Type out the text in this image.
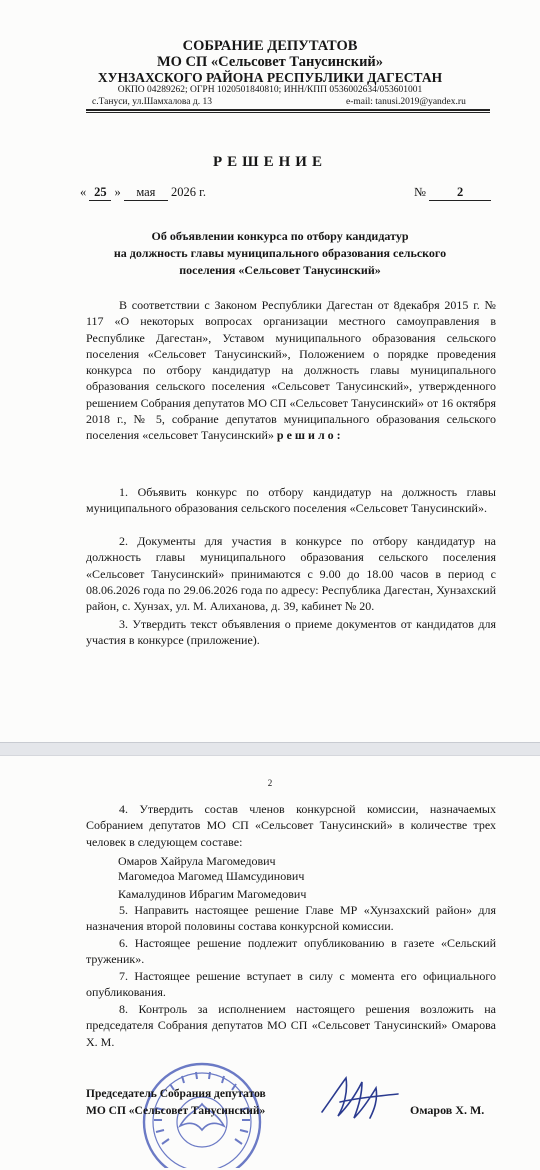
СОБРАНИЕ ДЕПУТАТОВ
МО СП «Сельсовет Танусинский»
ХУНЗАХСКОГО РАЙОНА РЕСПУБЛИКИ ДАГЕСТАН
ОКПО 04289262; ОГРН 1020501840810; ИНН/КПП 0536002634/053601001
с.Тануси, ул.Шамхалова д. 13	e-mail: tanusi.2019@yandex.ru
РЕШЕНИЕ
« 25 » мая 2026 г.	№ 2
Об объявлении конкурса по отбору кандидатур
на должность главы муниципального образования сельского
поселения «Сельсовет Танусинский»

В соответствии с Законом Республики Дагестан от 8декабря 2015 г. № 117 «О некоторых вопросах организации местного самоуправления в Республике Дагестан», Уставом муниципального образования сельского поселения «Сельсовет Танусинский», Положением о порядке проведения конкурса по отбору кандидатур на должность главы муниципального образования сельского поселения «Сельсовет Танусинский», утвержденного решением Собрания депутатов МО СП «Сельсовет Танусинский» от 16 октября 2018 г., № 5, собрание депутатов муниципального образования сельского поселения «сельсовет Танусинский» решило:

1. Объявить конкурс по отбору кандидатур на должность главы муниципального образования сельского поселения «Сельсовет Танусинский».

2. Документы для участия в конкурсе по отбору кандидатур на должность главы муниципального образования сельского поселения «Сельсовет Танусинский» принимаются с 9.00 до 18.00 часов в период с 08.06.2026 года по 29.06.2026 года по адресу: Республика Дагестан, Хунзахский район, с. Хунзах, ул. М. Алиханова, д. 39, кабинет № 20.

3. Утвердить текст объявления о приеме документов от кандидатов для участия в конкурсе (приложение).

2

4. Утвердить состав членов конкурсной комиссии, назначаемых Собранием депутатов МО СП «Сельсовет Танусинский» в количестве трех человек в следующем составе:

Омаров Хайрула Магомедович
Магомедоа Магомед Шамсудинович
Камалудинов Ибрагим Магомедович

5. Направить настоящее решение Главе МР «Хунзахский район» для назначения второй половины состава конкурсной комиссии.

6. Настоящее решение подлежит опубликованию в газете «Сельский труженик».

7. Настоящее решение вступает в силу с момента его официального опубликования.

8. Контроль за исполнением настоящего решения возложить на председателя Собрания депутатов МО СП «Сельсовет Танусинский» Омарова Х. М.

Председатель Собрания депутатов
МО СП «Сельсовет Танусинский»	Омаров Х. М.
